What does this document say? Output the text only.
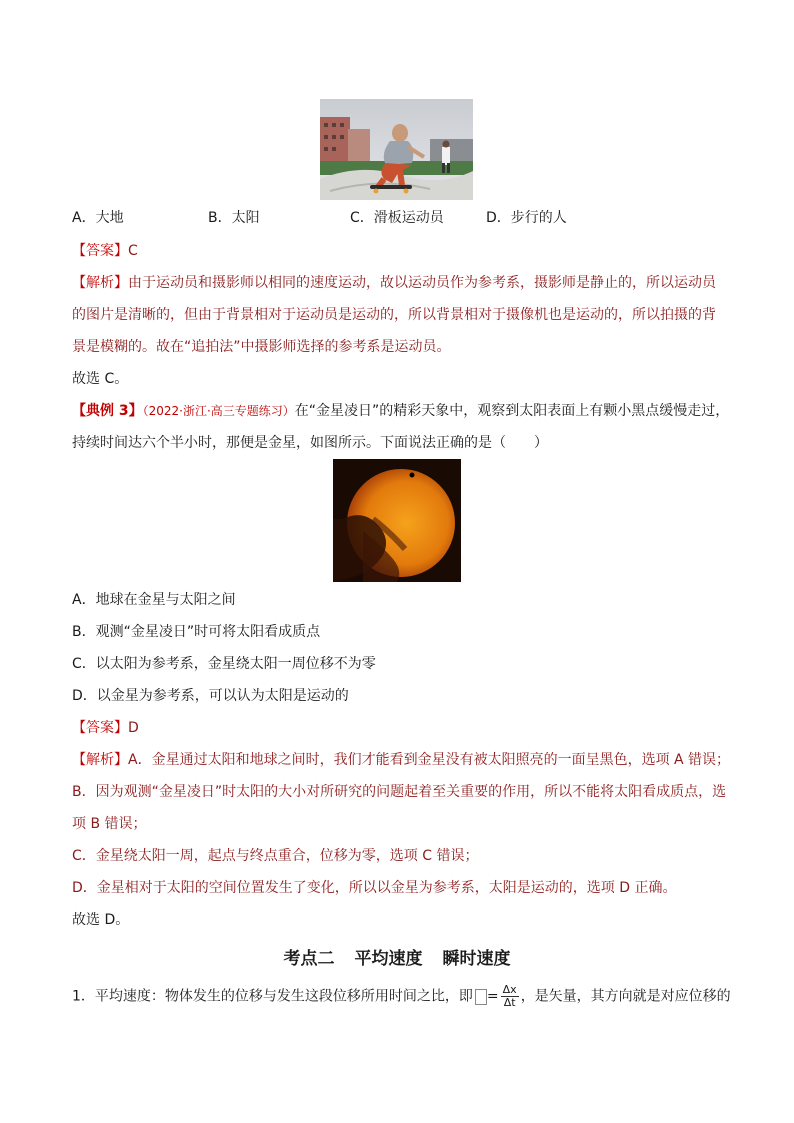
A．大地	B．太阳	C．滑板运动员	D．步行的人
【答案】C
【解析】由于运动员和摄影师以相同的速度运动，故以运动员作为参考系，摄影师是静止的，所以运动员
的图片是清晰的，但由于背景相对于运动员是运动的，所以背景相对于摄像机也是运动的，所以拍摄的背
景是模糊的。故在“追拍法”中摄影师选择的参考系是运动员。
故选 C。
【典例 3】（2022·浙江·高三专题练习）在“金星凌日”的精彩天象中，观察到太阳表面上有颗小黑点缓慢走过，
持续时间达六个半小时，那便是金星，如图所示。下面说法正确的是（　　）
A．地球在金星与太阳之间
B．观测“金星凌日”时可将太阳看成质点
C．以太阳为参考系，金星绕太阳一周位移不为零
D．以金星为参考系，可以认为太阳是运动的
【答案】D
【解析】A．金星通过太阳和地球之间时，我们才能看到金星没有被太阳照亮的一面呈黑色，选项 A 错误；
B．因为观测“金星凌日”时太阳的大小对所研究的问题起着至关重要的作用，所以不能将太阳看成质点，选
项 B 错误；
C．金星绕太阳一周，起点与终点重合，位移为零，选项 C 错误；
D．金星相对于太阳的空间位置发生了变化，所以以金星为参考系，太阳是运动的，选项 D 正确。
故选 D。
考点二 平均速度 瞬时速度
1．平均速度：物体发生的位移与发生这段位移所用时间之比，即 = $\frac{\Delta x}{\Delta t}$ ，是矢量，其方向就是对应位移的
